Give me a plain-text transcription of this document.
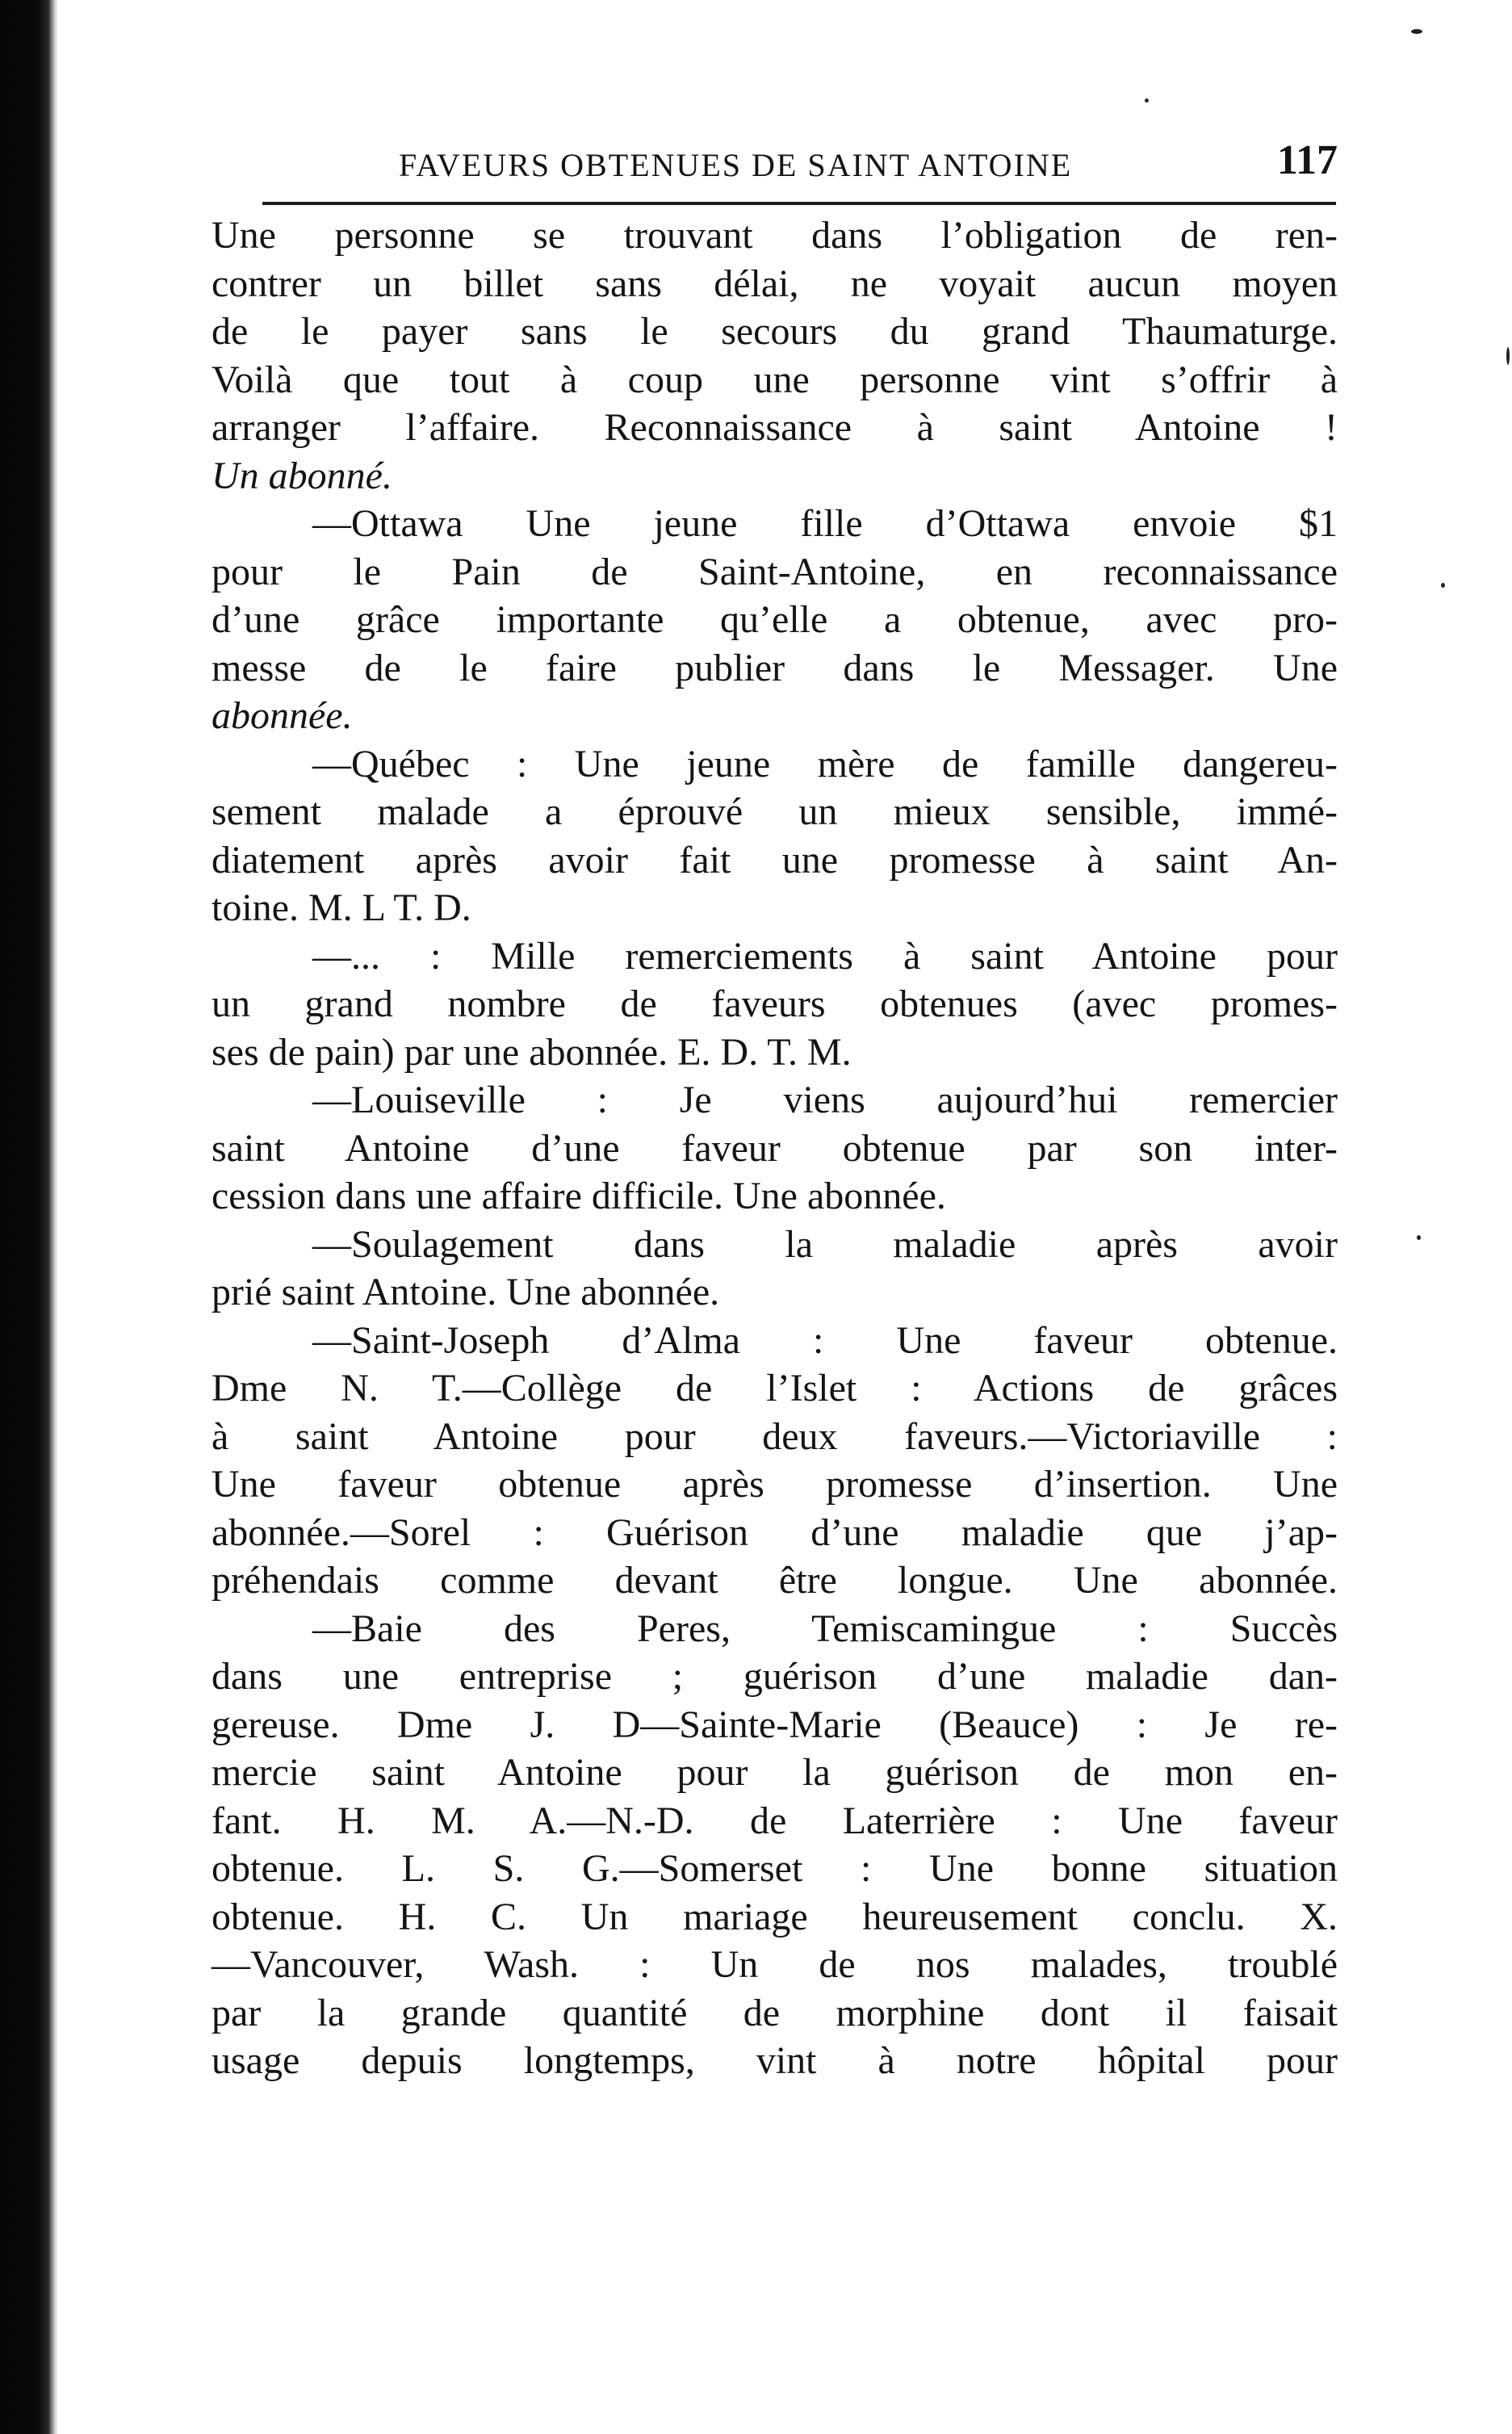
FAVEURS OBTENUES DE SAINT ANTOINE	117
Une personne se trouvant dans l’obligation de ren-
contrer un billet sans délai, ne voyait aucun moyen
de le payer sans le secours du grand Thaumaturge.
Voilà que tout à coup une personne vint s’offrir à
arranger l’affaire. Reconnaissance à saint Antoine !
Un abonné.
—Ottawa Une jeune fille d’Ottawa envoie $1
pour le Pain de Saint-Antoine, en reconnaissance
d’une grâce importante qu’elle a obtenue, avec pro-
messe de le faire publier dans le Messager. Une
abonnée.
—Québec : Une jeune mère de famille dangereu-
sement malade a éprouvé un mieux sensible, immé-
diatement après avoir fait une promesse à saint An-
toine. M. L T. D.
—... : Mille remerciements à saint Antoine pour
un grand nombre de faveurs obtenues (avec promes-
ses de pain) par une abonnée. E. D. T. M.
—Louiseville : Je viens aujourd’hui remercier
saint Antoine d’une faveur obtenue par son inter-
cession dans une affaire difficile. Une abonnée.
—Soulagement dans la maladie après avoir
prié saint Antoine. Une abonnée.
—Saint-Joseph d’Alma : Une faveur obtenue.
Dme N. T.—Collège de l’Islet : Actions de grâces
à saint Antoine pour deux faveurs.—Victoriaville :
Une faveur obtenue après promesse d’insertion. Une
abonnée.—Sorel : Guérison d’une maladie que j’ap-
préhendais comme devant être longue. Une abonnée.
—Baie des Peres, Temiscamingue : Succès
dans une entreprise ; guérison d’une maladie dan-
gereuse. Dme J. D—Sainte-Marie (Beauce) : Je re-
mercie saint Antoine pour la guérison de mon en-
fant. H. M. A.—N.-D. de Laterrière : Une faveur
obtenue. L. S. G.—Somerset : Une bonne situation
obtenue. H. C. Un mariage heureusement conclu. X.
—Vancouver, Wash. : Un de nos malades, troublé
par la grande quantité de morphine dont il faisait
usage depuis longtemps, vint à notre hôpital pour
